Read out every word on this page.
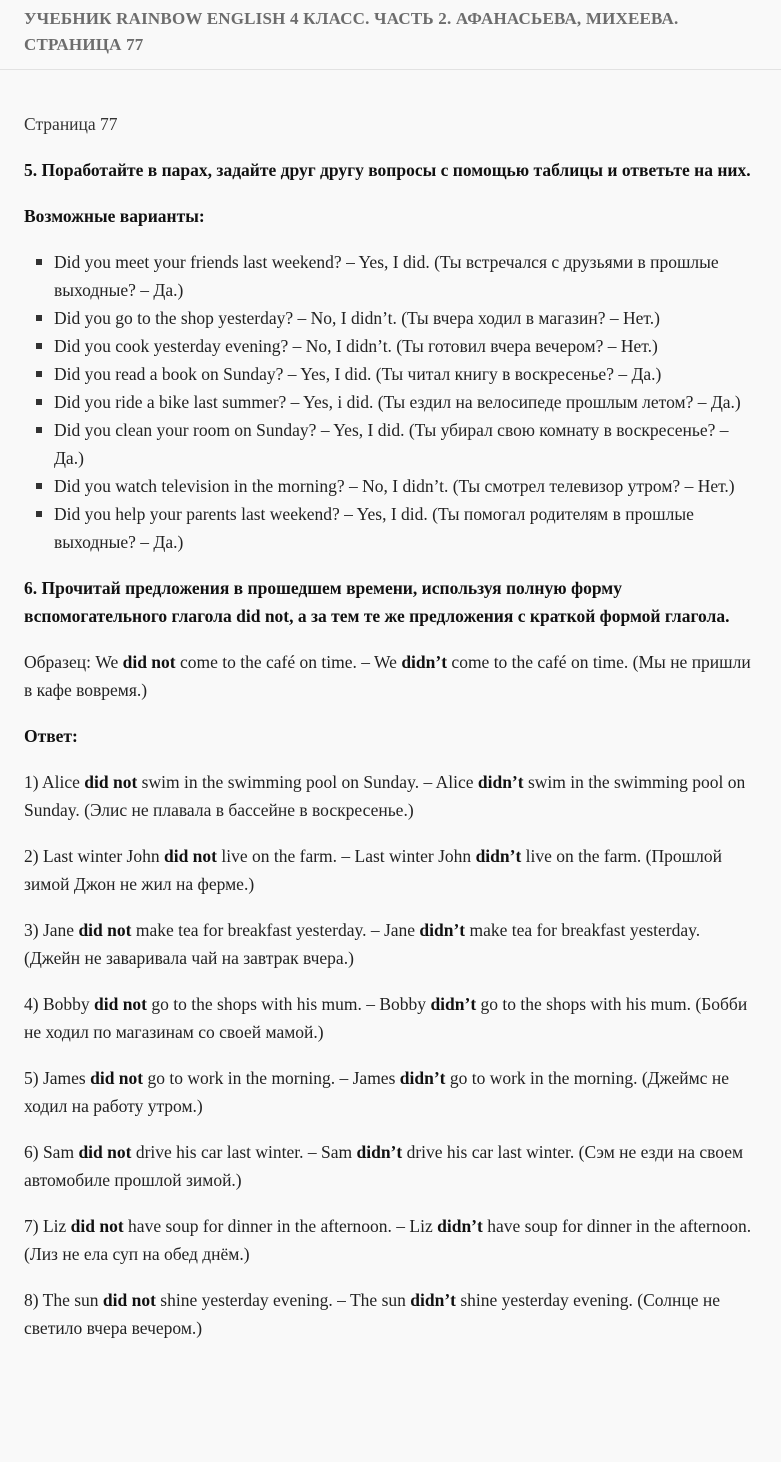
УЧЕБНИК RAINBOW ENGLISH 4 КЛАСС. ЧАСТЬ 2. АФАНАСЬЕВА, МИХЕЕВА. СТРАНИЦА 77

Страница 77

5. Поработайте в парах, задайте друг другу вопросы с помощью таблицы и ответьте на них.

Возможные варианты:

Did you meet your friends last weekend? – Yes, I did. (Ты встречался с друзьями в прошлые выходные? – Да.)
Did you go to the shop yesterday? – No, I didn’t. (Ты вчера ходил в магазин? – Нет.)
Did you cook yesterday evening? – No, I didn’t. (Ты готовил вчера вечером? – Нет.)
Did you read a book on Sunday? – Yes, I did. (Ты читал книгу в воскресенье? – Да.)
Did you ride a bike last summer? – Yes, i did. (Ты ездил на велосипеде прошлым летом? – Да.)
Did you clean your room on Sunday? – Yes, I did. (Ты убирал свою комнату в воскресенье? – Да.)
Did you watch television in the morning? – No, I didn’t. (Ты смотрел телевизор утром? – Нет.)
Did you help your parents last weekend? – Yes, I did. (Ты помогал родителям в прошлые выходные? – Да.)

6. Прочитай предложения в прошедшем времени, используя полную форму вспомогательного глагола did not, а за тем те же предложения с краткой формой глагола.

Образец: We did not come to the café on time. – We didn’t come to the café on time. (Мы не пришли в кафе вовремя.)

Ответ:

1) Alice did not swim in the swimming pool on Sunday. – Alice didn’t swim in the swimming pool on Sunday. (Элис не плавала в бассейне в воскресенье.)

2) Last winter John did not live on the farm. – Last winter John didn’t live on the farm. (Прошлой зимой Джон не жил на ферме.)

3) Jane did not make tea for breakfast yesterday. – Jane didn’t make tea for breakfast yesterday. (Джейн не заваривала чай на завтрак вчера.)

4) Bobby did not go to the shops with his mum. – Bobby didn’t go to the shops with his mum. (Бобби не ходил по магазинам со своей мамой.)

5) James did not go to work in the morning. – James didn’t go to work in the morning. (Джеймс не ходил на работу утром.)

6) Sam did not drive his car last winter. – Sam didn’t drive his car last winter. (Сэм не езди на своем автомобиле прошлой зимой.)

7) Liz did not have soup for dinner in the afternoon. – Liz didn’t have soup for dinner in the afternoon. (Лиз не ела суп на обед днём.)

8) The sun did not shine yesterday evening. – The sun didn’t shine yesterday evening. (Солнце не светило вчера вечером.)
